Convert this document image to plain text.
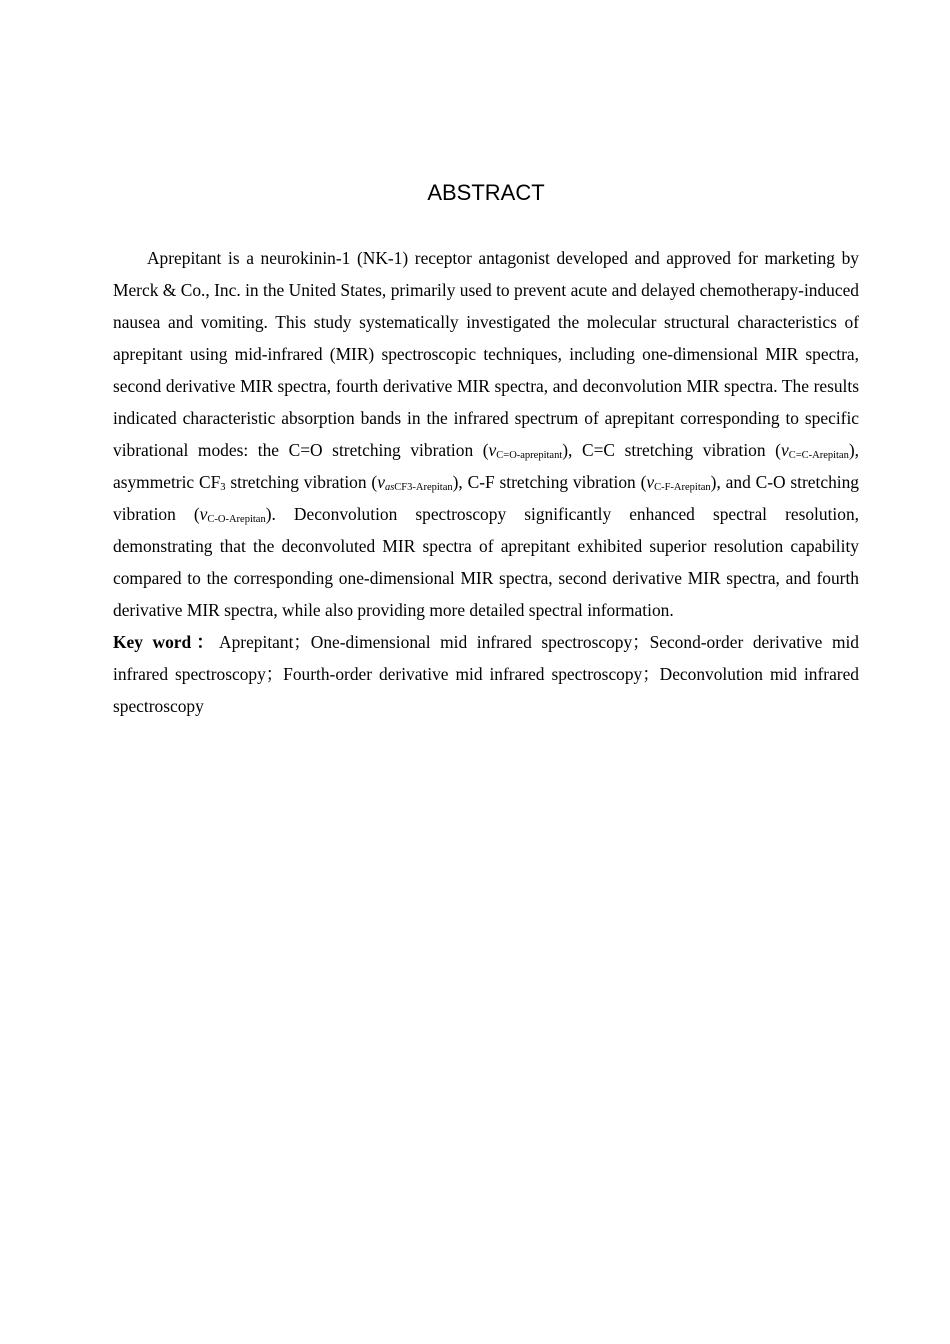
ABSTRACT

Aprepitant is a neurokinin-1 (NK-1) receptor antagonist developed and approved for marketing by Merck & Co., Inc. in the United States, primarily used to prevent acute and delayed chemotherapy-induced nausea and vomiting. This study systematically investigated the molecular structural characteristics of aprepitant using mid-infrared (MIR) spectroscopic techniques, including one-dimensional MIR spectra, second derivative MIR spectra, fourth derivative MIR spectra, and deconvolution MIR spectra. The results indicated characteristic absorption bands in the infrared spectrum of aprepitant corresponding to specific vibrational modes: the C=O stretching vibration (vC=O-aprepitant), C=C stretching vibration (vC=C-Arepitan), asymmetric CF3 stretching vibration (vasCF3-Arepitan), C-F stretching vibration (vC-F-Arepitan), and C-O stretching vibration (vC-O-Arepitan). Deconvolution spectroscopy significantly enhanced spectral resolution, demonstrating that the deconvoluted MIR spectra of aprepitant exhibited superior resolution capability compared to the corresponding one-dimensional MIR spectra, second derivative MIR spectra, and fourth derivative MIR spectra, while also providing more detailed spectral information.

Key word：Aprepitant；One-dimensional mid infrared spectroscopy；Second-order derivative mid infrared spectroscopy；Fourth-order derivative mid infrared spectroscopy；Deconvolution mid infrared spectroscopy
